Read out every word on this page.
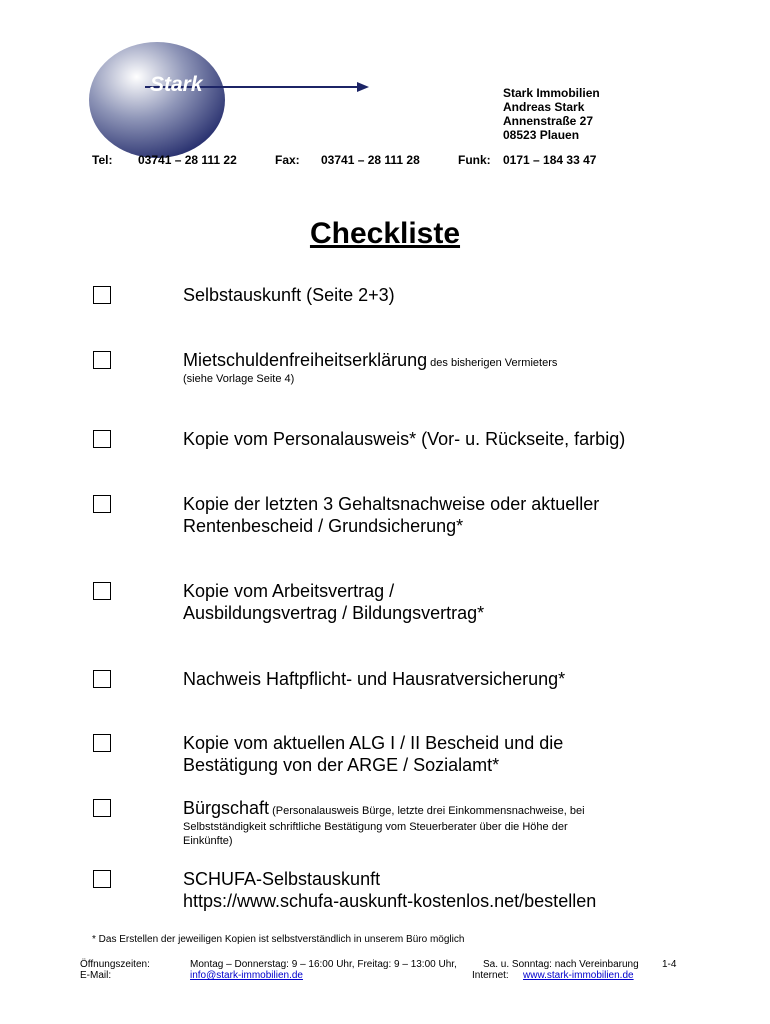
Stark
Immobilien	Stark Immobilien
Andreas Stark
Annenstraße 27
08523 Plauen
Tel: 03741 – 28 111 22	Fax: 03741 – 28 111 28	Funk: 0171 – 184 33 47
Checkliste
Selbstauskunft (Seite 2+3)
Mietschuldenfreiheitserklärung des bisherigen Vermieters
(siehe Vorlage Seite 4)
Kopie vom Personalausweis* (Vor- u. Rückseite, farbig)
Kopie der letzten 3 Gehaltsnachweise oder aktueller
Rentenbescheid / Grundsicherung*
Kopie vom Arbeitsvertrag /
Ausbildungsvertrag / Bildungsvertrag*
Nachweis Haftpflicht- und Hausratversicherung*
Kopie vom aktuellen ALG I / II Bescheid und die
Bestätigung von der ARGE / Sozialamt*
Bürgschaft (Personalausweis Bürge, letzte drei Einkommensnachweise, bei
Selbstständigkeit schriftliche Bestätigung vom Steuerberater über die Höhe der
Einkünfte)
SCHUFA-Selbstauskunft
https://www.schufa-auskunft-kostenlos.net/bestellen
* Das Erstellen der jeweiligen Kopien ist selbstverständlich in unserem Büro möglich
Öffnungszeiten:	Montag – Donnerstag: 9 – 16:00 Uhr, Freitag: 9 – 13:00 Uhr,	Sa. u. Sonntag: nach Vereinbarung 1-4
E-Mail:	info@stark-immobilien.de	Internet: www.stark-immobilien.de
